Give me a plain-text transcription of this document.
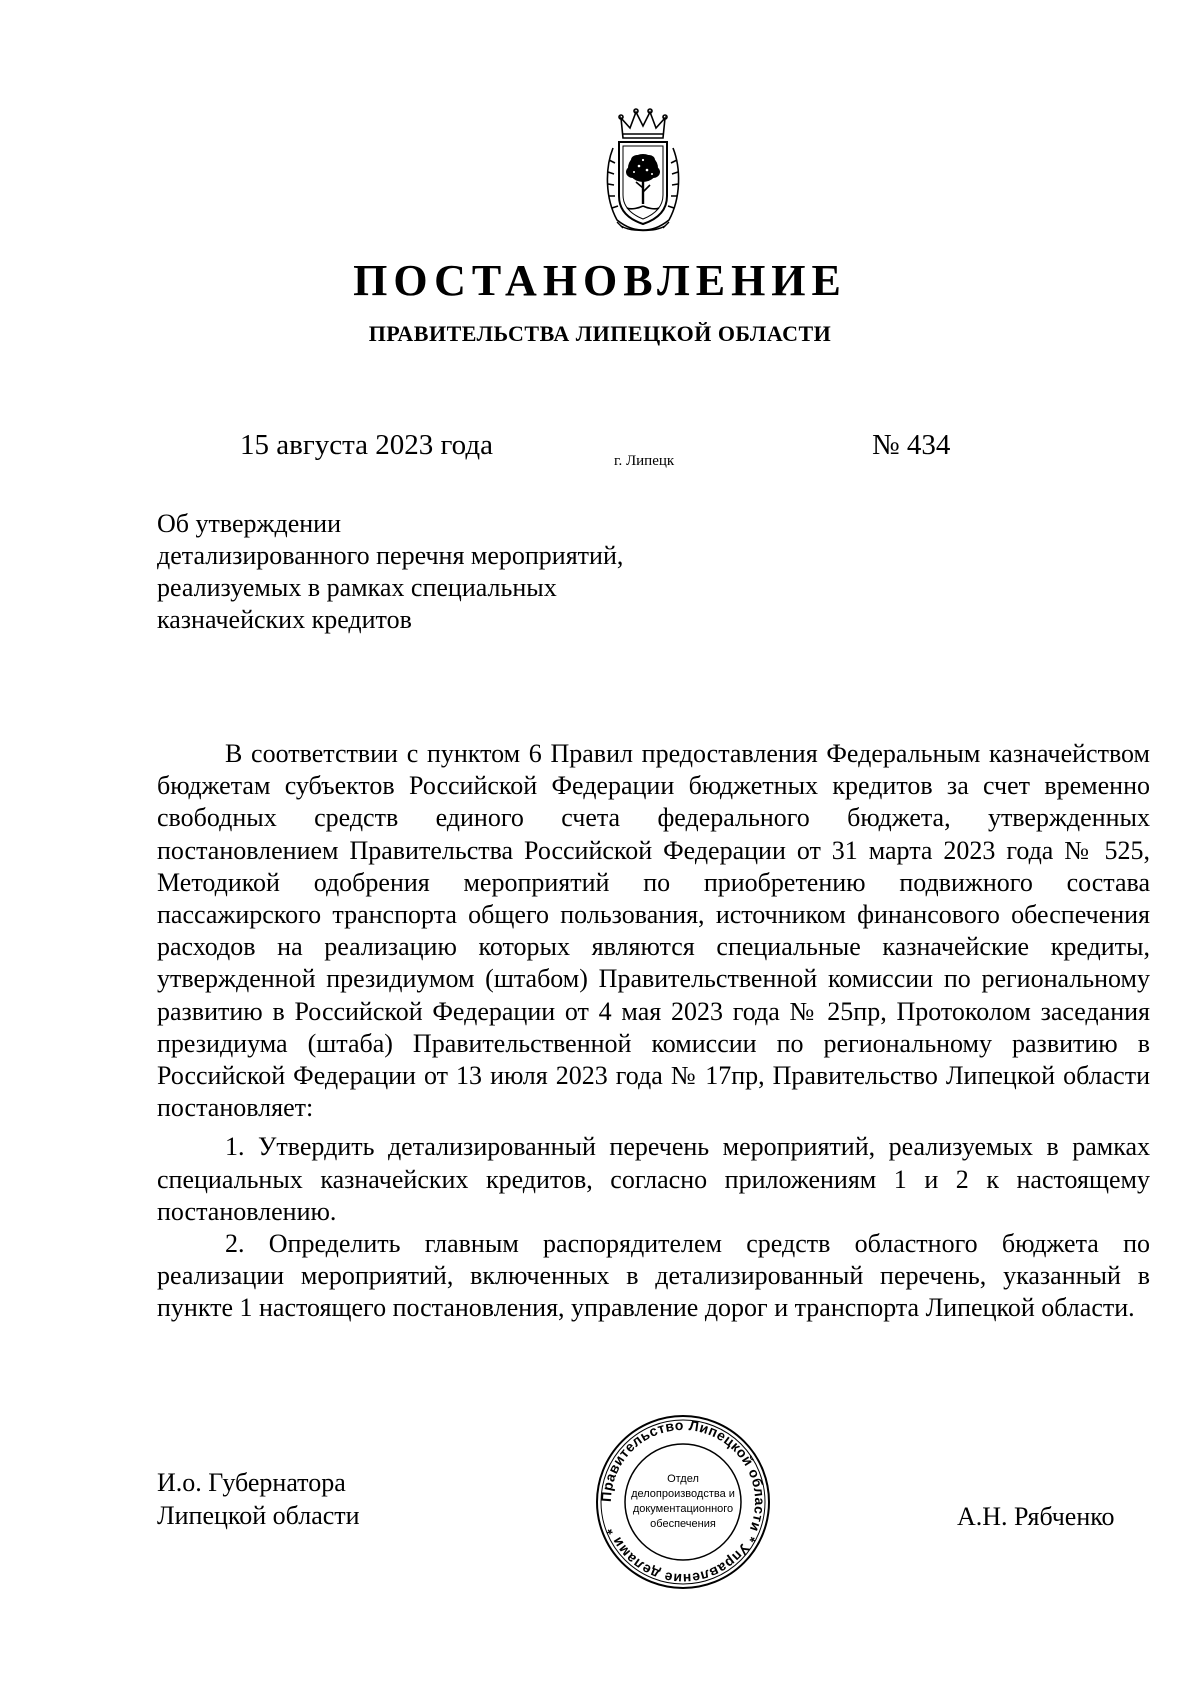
ПОСТАНОВЛЕНИЕ
ПРАВИТЕЛЬСТВА ЛИПЕЦКОЙ ОБЛАСТИ
15 августа 2023 года	г. Липецк	№ 434
Об утверждении
детализированного перечня мероприятий,
реализуемых в рамках специальных
казначейских кредитов

В соответствии с пунктом 6 Правил предоставления Федеральным казначейством бюджетам субъектов Российской Федерации бюджетных кредитов за счет временно свободных средств единого счета федерального бюджета, утвержденных постановлением Правительства Российской Федерации от 31 марта 2023 года № 525, Методикой одобрения мероприятий по приобретению подвижного состава пассажирского транспорта общего пользования, источником финансового обеспечения расходов на реализацию которых являются специальные казначейские кредиты, утвержденной президиумом (штабом) Правительственной комиссии по региональному развитию в Российской Федерации от 4 мая 2023 года № 25пр, Протоколом заседания президиума (штаба) Правительственной комиссии по региональному развитию в Российской Федерации от 13 июля 2023 года № 17пр, Правительство Липецкой области постановляет:

1. Утвердить детализированный перечень мероприятий, реализуемых в рамках специальных казначейских кредитов, согласно приложениям 1 и 2 к настоящему постановлению.

2. Определить главным распорядителем средств областного бюджета по реализации мероприятий, включенных в детализированный перечень, указанный в пункте 1 настоящего постановления, управление дорог и транспорта Липецкой области.

И.о. Губернатора
Липецкой области
Правительство Липецкой области * Управление делами *
Отдел
делопроизводства и
документационного
обеспечения	А.Н. Рябченко
